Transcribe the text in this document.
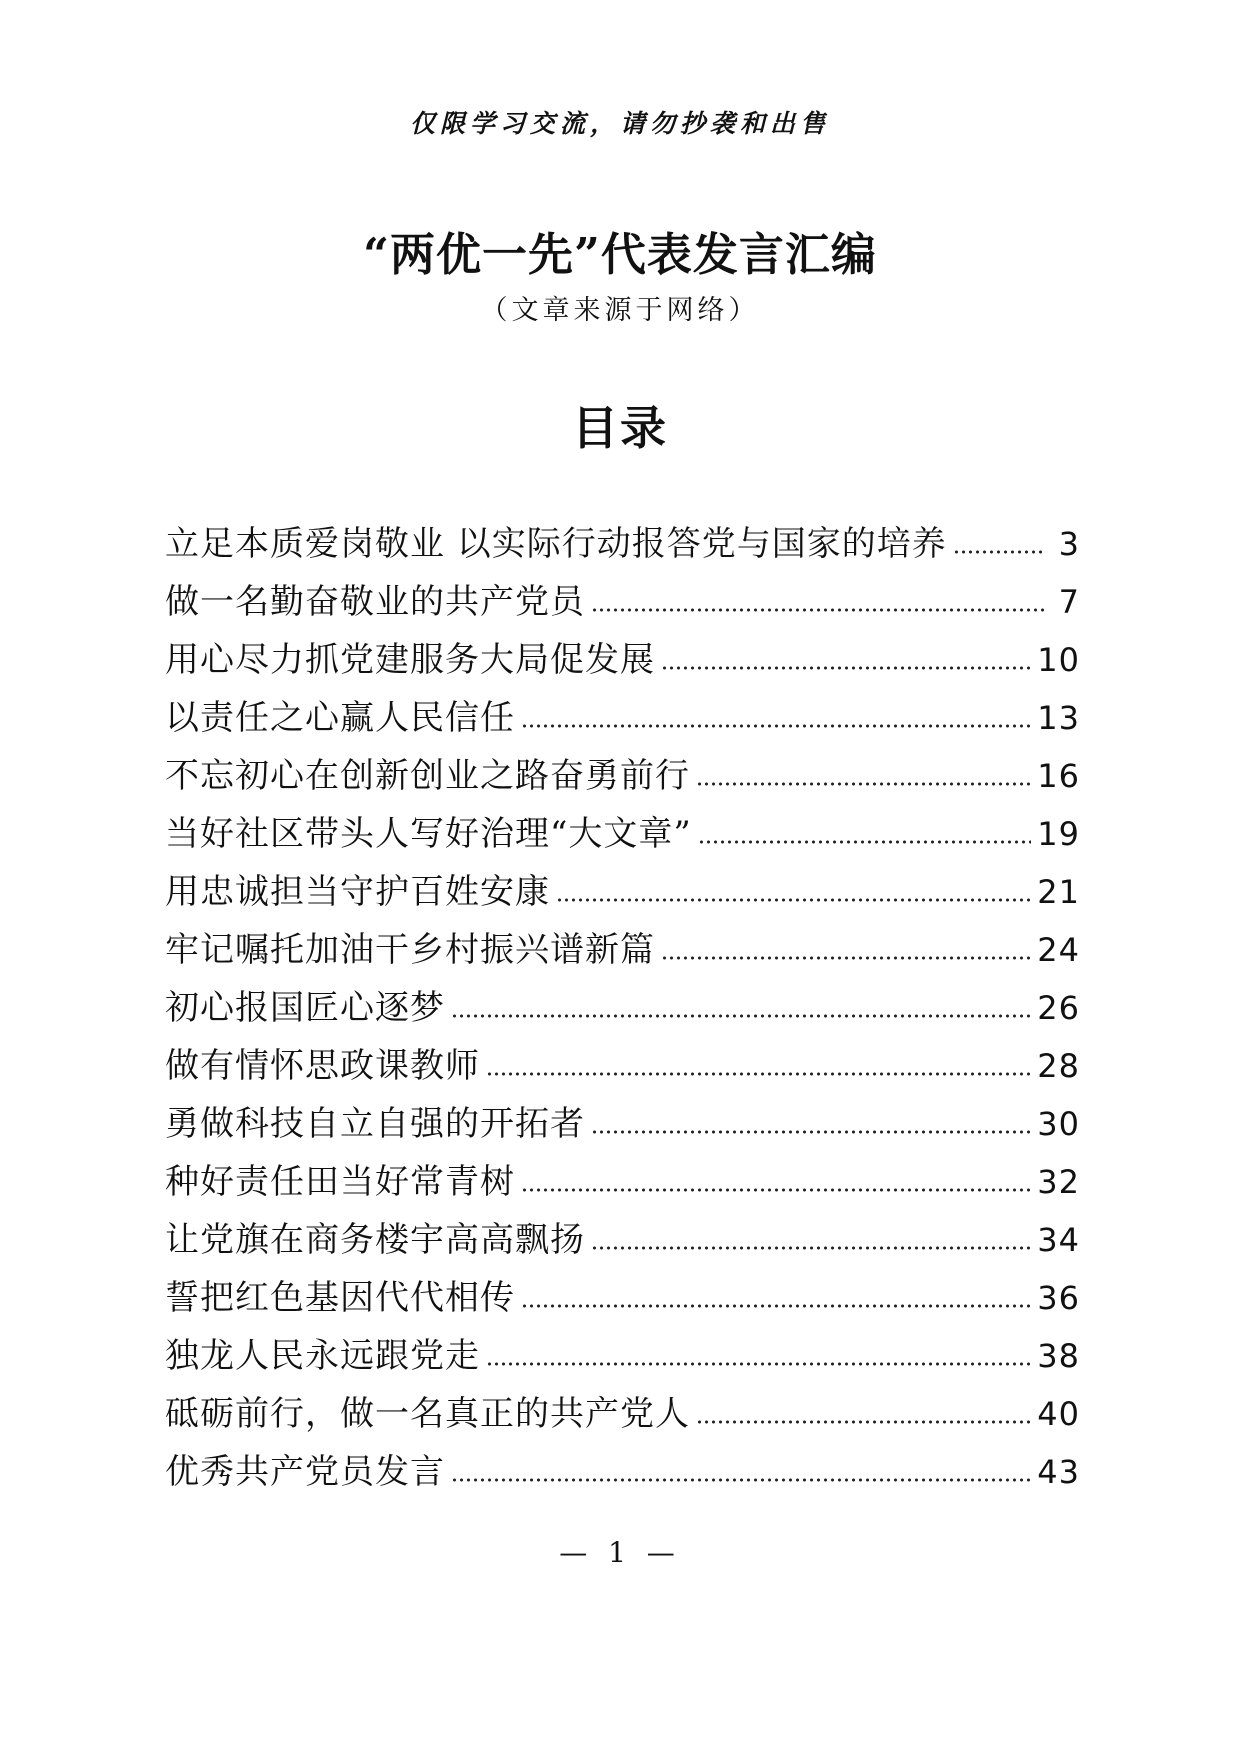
仅限学习交流，请勿抄袭和出售
“两优一先”代表发言汇编
（文章来源于网络）
目录
立足本质爱岗敬业 以实际行动报答党与国家的培养	3
做一名勤奋敬业的共产党员	7
用心尽力抓党建服务大局促发展	10
以责任之心赢人民信任	13
不忘初心在创新创业之路奋勇前行	16
当好社区带头人写好治理“大文章”	19
用忠诚担当守护百姓安康	21
牢记嘱托加油干乡村振兴谱新篇	24
初心报国匠心逐梦	26
做有情怀思政课教师	28
勇做科技自立自强的开拓者	30
种好责任田当好常青树	32
让党旗在商务楼宇高高飘扬	34
誓把红色基因代代相传	36
独龙人民永远跟党走	38
砥砺前行，做一名真正的共产党人	40
优秀共产党员发言	43
— 1 —
